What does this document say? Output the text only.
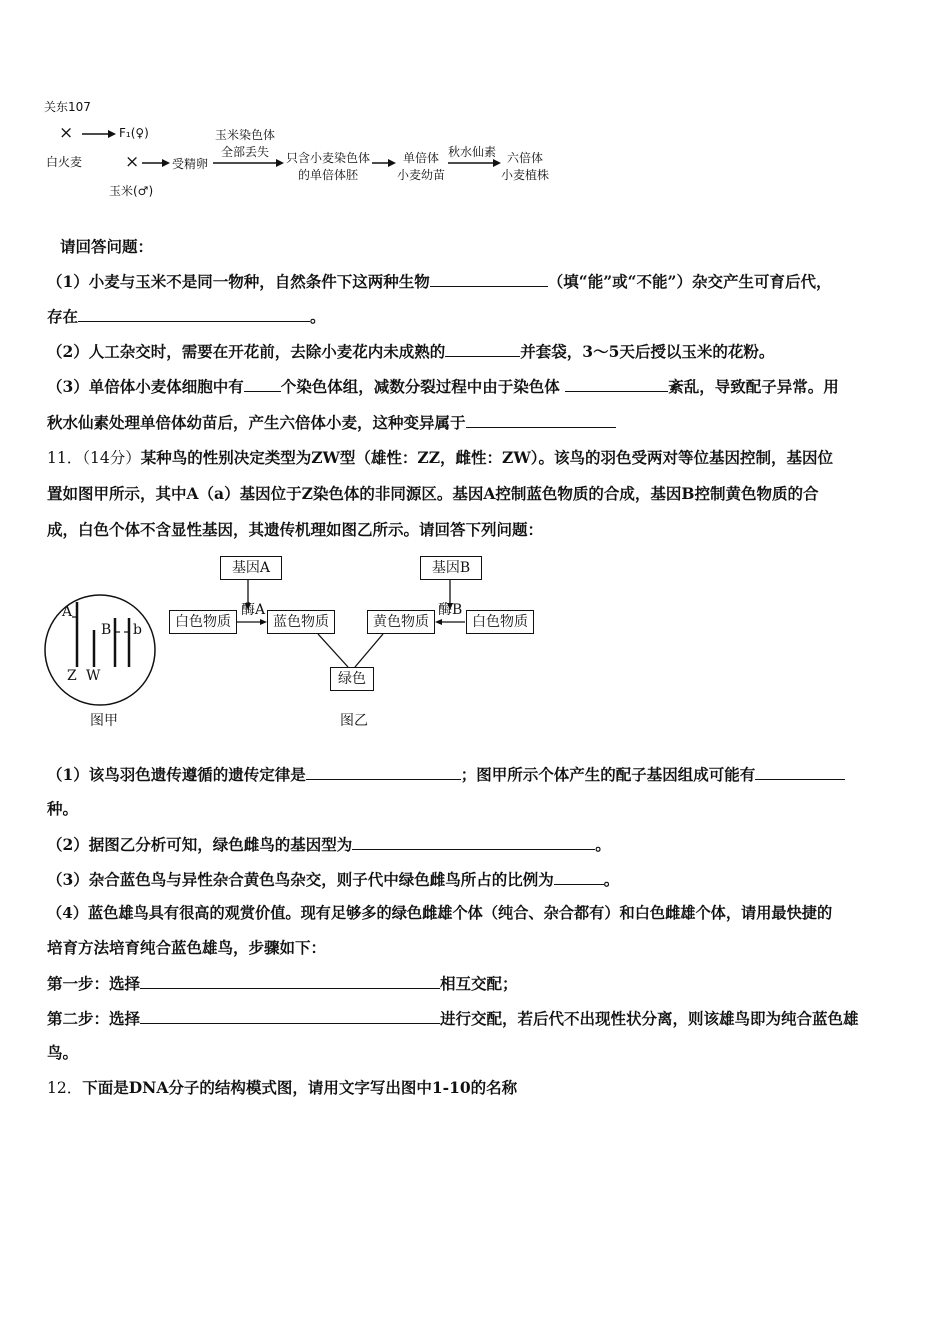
关东107
×
白火麦
F₁(♀)
×
玉米(♂)
受精卵
玉米染色体
全部丢失 只含小麦染色体
的单倍体胚
单倍体
小麦幼苗
秋水仙素 六倍体
小麦植株
请回答问题：
（1）小麦与玉米不是同一物种，自然条件下这两种生物	（填“能”或“不能”）杂交产生可育后代，
存在	。
（2）人工杂交时，需要在开花前，去除小麦花内未成熟的	并套袋，3～5天后授以玉米的花粉。
（3）单倍体小麦体细胞中有 个染色体组，减数分裂过程中由于染色体	紊乱，导致配子异常。用
秋水仙素处理单倍体幼苗后，产生六倍体小麦，这种变异属于
11．（14分）某种鸟的性别决定类型为ZW型（雄性：ZZ，雌性：ZW）。该鸟的羽色受两对等位基因控制，基因位
置如图甲所示，其中A（a）基因位于Z染色体的非同源区。基因A控制蓝色物质的合成，基因B控制黄色物质的合
成，白色个体不含显性基因，其遗传机理如图乙所示。请回答下列问题：
A
B b
Z W
图甲
基因A	基因B
酶A	酶B
白色物质	蓝色物质	黄色物质	白色物质
绿色
图乙
（1）该鸟羽色遗传遵循的遗传定律是	；图甲所示个体产生的配子基因组成可能有
种。
（2）据图乙分析可知，绿色雌鸟的基因型为	。
（3）杂合蓝色鸟与异性杂合黄色鸟杂交，则子代中绿色雌鸟所占的比例为	。
（4）蓝色雄鸟具有很高的观赏价值。现有足够多的绿色雌雄个体（纯合、杂合都有）和白色雌雄个体，请用最快捷的
培育方法培育纯合蓝色雄鸟，步骤如下：
第一步：选择	相互交配；
第二步：选择	进行交配，若后代不出现性状分离，则该雄鸟即为纯合蓝色雄
鸟。
12．下面是DNA分子的结构模式图，请用文字写出图中1-10的名称
